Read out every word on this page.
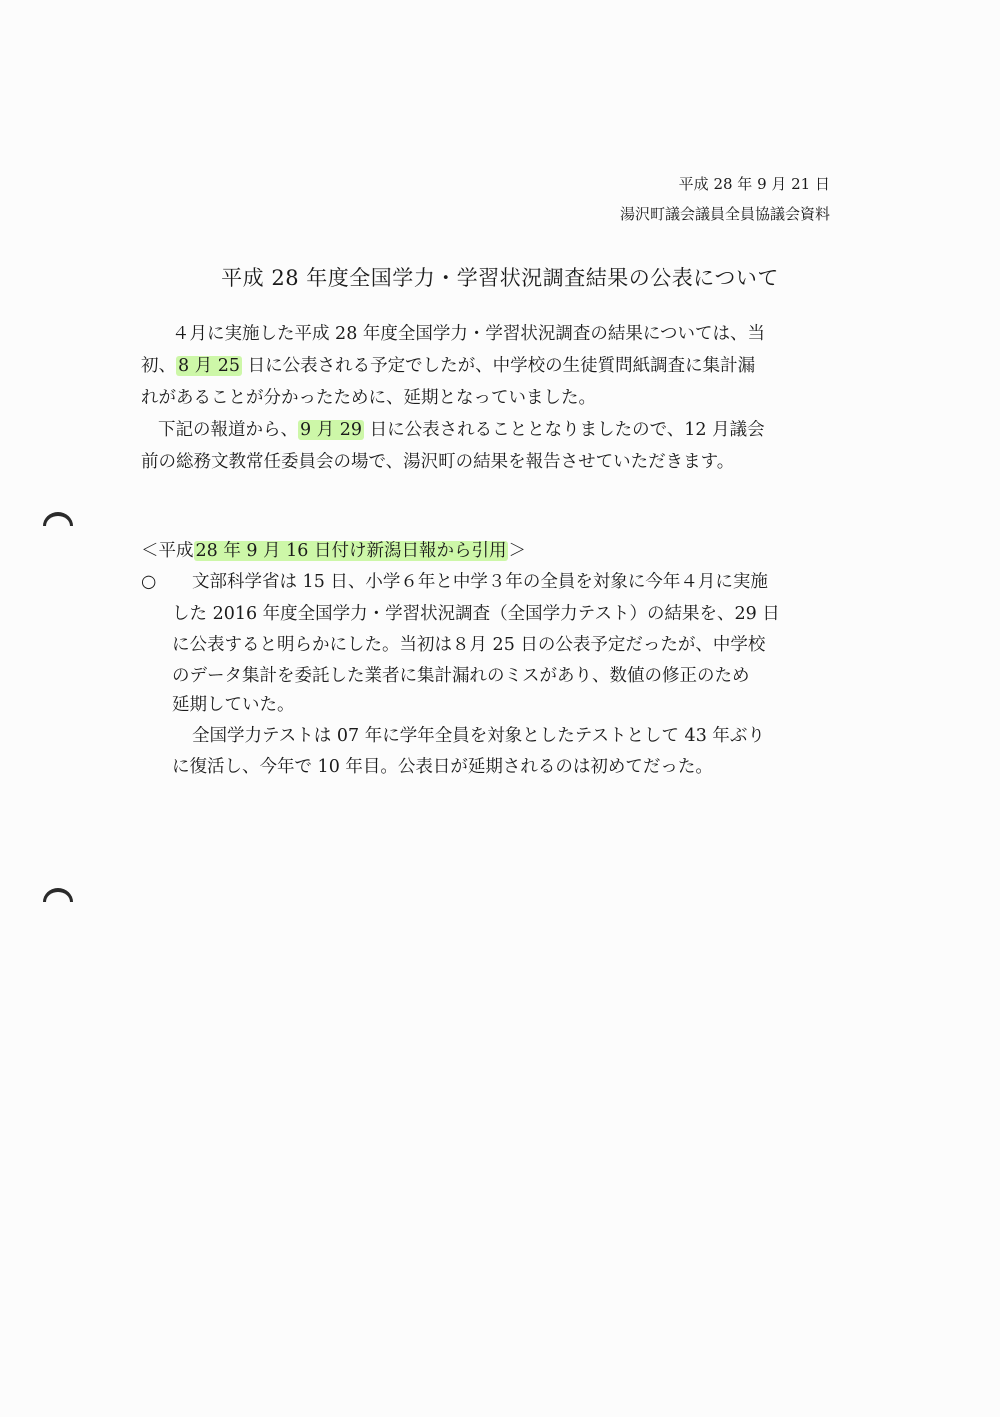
平成 28 年 9 月 21 日
湯沢町議会議員全員協議会資料
平成 28 年度全国学力・学習状況調査結果の公表について
４月に実施した平成 28 年度全国学力・学習状況調査の結果については、当
初、 8 月 25 日に公表される予定でしたが、中学校の生徒質問紙調査に集計漏
れがあることが分かったために、延期となっていました。
下記の報道から、 9 月 29 日に公表されることとなりましたので、12 月議会
前の総務文教常任委員会の場で、湯沢町の結果を報告させていただきます。
＜平成 28 年 9 月 16 日付け新潟日報から引用 ＞
○ 文部科学省は 15 日、小学６年と中学３年の全員を対象に今年４月に実施
した 2016 年度全国学力・学習状況調査（全国学力テスト）の結果を、29 日
に公表すると明らかにした。当初は８月 25 日の公表予定だったが、中学校
のデータ集計を委託した業者に集計漏れのミスがあり、数値の修正のため
延期していた。
全国学力テストは 07 年に学年全員を対象としたテストとして 43 年ぶり
に復活し、今年で 10 年目。公表日が延期されるのは初めてだった。
